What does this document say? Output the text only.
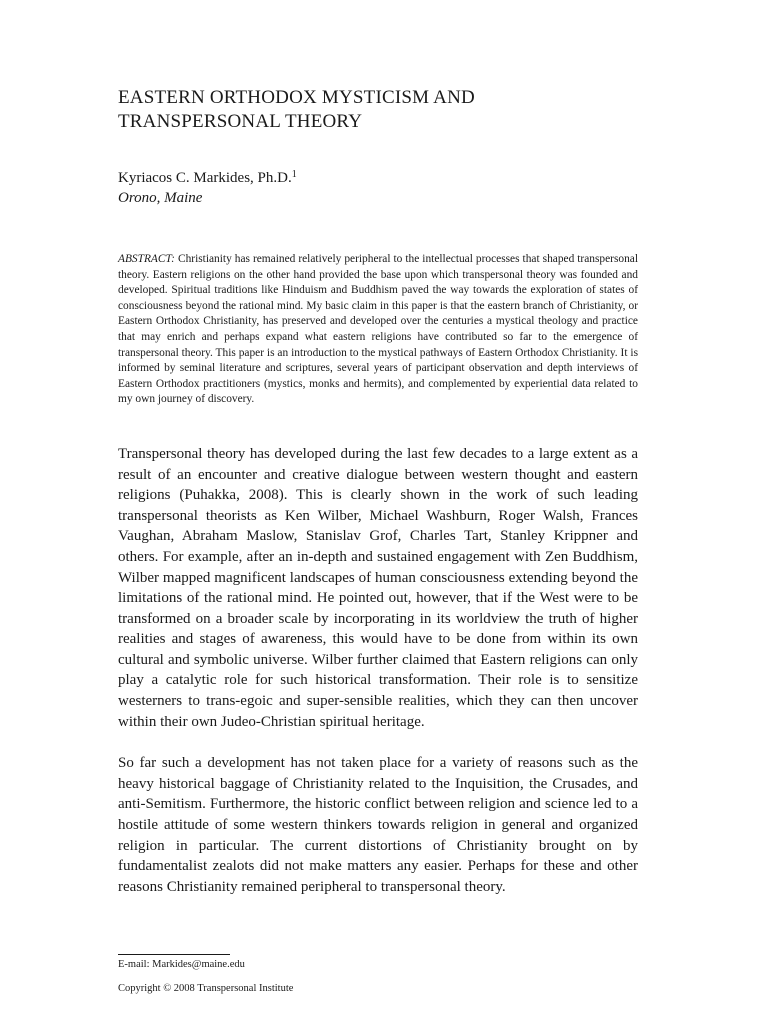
EASTERN ORTHODOX MYSTICISM AND
TRANSPERSONAL THEORY
Kyriacos C. Markides, Ph.D.$^1$
Orono, Maine
ABSTRACT: Christianity has remained relatively peripheral to the intellectual processes that shaped transpersonal theory. Eastern religions on the other hand provided the base upon which transpersonal theory was founded and developed. Spiritual traditions like Hinduism and Buddhism paved the way towards the exploration of states of consciousness beyond the rational mind. My basic claim in this paper is that the eastern branch of Christianity, or Eastern Orthodox Christianity, has preserved and developed over the centuries a mystical theology and practice that may enrich and perhaps expand what eastern religions have contributed so far to the emergence of transpersonal theory. This paper is an introduction to the mystical pathways of Eastern Orthodox Christianity. It is informed by seminal literature and scriptures, several years of participant observation and depth interviews of Eastern Orthodox practitioners (mystics, monks and hermits), and complemented by experiential data related to my own journey of discovery.

Transpersonal theory has developed during the last few decades to a large extent as a result of an encounter and creative dialogue between western thought and eastern religions (Puhakka, 2008). This is clearly shown in the work of such leading transpersonal theorists as Ken Wilber, Michael Washburn, Roger Walsh, Frances Vaughan, Abraham Maslow, Stanislav Grof, Charles Tart, Stanley Krippner and others. For example, after an in-depth and sustained engagement with Zen Buddhism, Wilber mapped magnificent landscapes of human consciousness extending beyond the limitations of the rational mind. He pointed out, however, that if the West were to be transformed on a broader scale by incorporating in its worldview the truth of higher realities and stages of awareness, this would have to be done from within its own cultural and symbolic universe. Wilber further claimed that Eastern religions can only play a catalytic role for such historical transformation. Their role is to sensitize westerners to trans-egoic and super-sensible realities, which they can then uncover within their own Judeo-Christian spiritual heritage.

So far such a development has not taken place for a variety of reasons such as the heavy historical baggage of Christianity related to the Inquisition, the Crusades, and anti-Semitism. Furthermore, the historic conflict between religion and science led to a hostile attitude of some western thinkers towards religion in general and organized religion in particular. The current distortions of Christianity brought on by fundamentalist zealots did not make matters any easier. Perhaps for these and other reasons Christianity remained peripheral to transpersonal theory.

E-mail: Markides@maine.edu
Copyright © 2008 Transpersonal Institute
